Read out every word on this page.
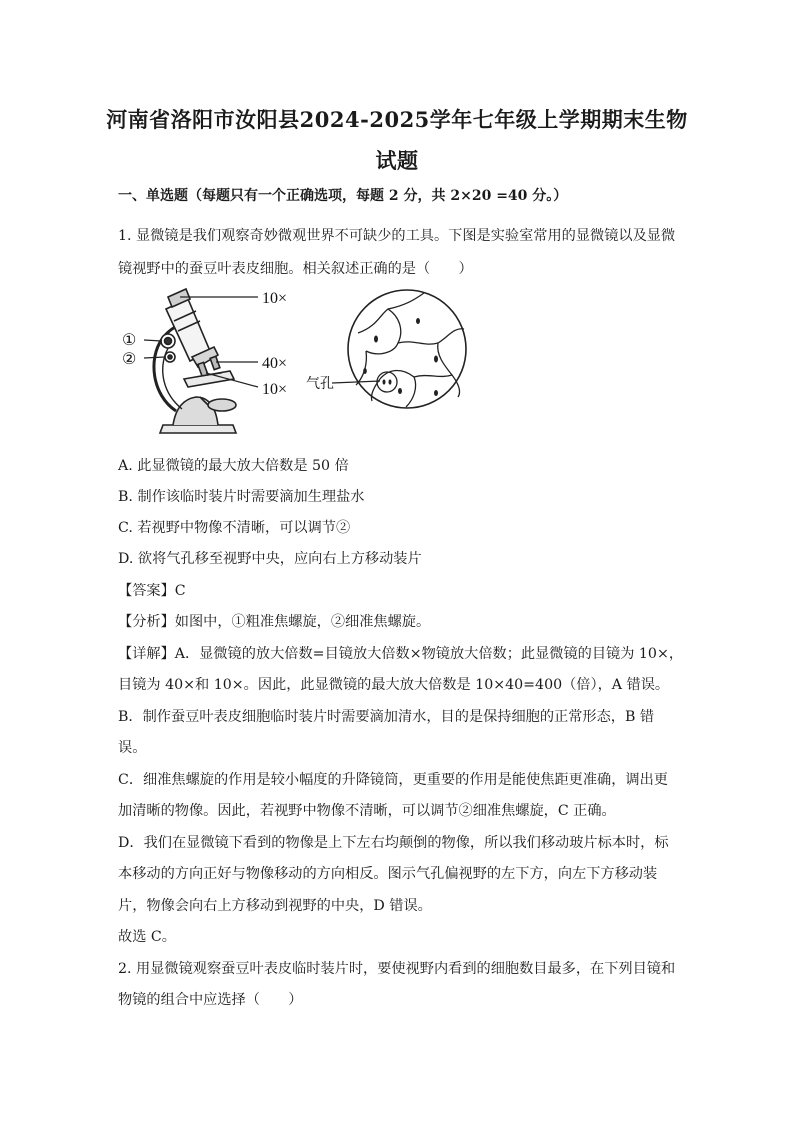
河南省洛阳市汝阳县2024-2025学年七年级上学期期末生物
试题
一、单选题（每题只有一个正确选项，每题 2 分，共 2×20 =40 分。）
1. 显微镜是我们观察奇妙微观世界不可缺少的工具。下图是实验室常用的显微镜以及显微
镜视野中的蚕豆叶表皮细胞。相关叙述正确的是（　　）
10×
40×
10×
①
②
气孔
A. 此显微镜的最大放大倍数是 50 倍
B. 制作该临时装片时需要滴加生理盐水
C. 若视野中物像不清晰，可以调节②
D. 欲将气孔移至视野中央，应向右上方移动装片
【答案】C
【分析】如图中，①粗准焦螺旋，②细准焦螺旋。
【详解】A．显微镜的放大倍数=目镜放大倍数×物镜放大倍数；此显微镜的目镜为 10×，
目镜为 40×和 10×。因此，此显微镜的最大放大倍数是 10×40=400（倍），A 错误。
B．制作蚕豆叶表皮细胞临时装片时需要滴加清水，目的是保持细胞的正常形态，B 错
误。
C．细准焦螺旋的作用是较小幅度的升降镜筒，更重要的作用是能使焦距更准确，调出更
加清晰的物像。因此，若视野中物像不清晰，可以调节②细准焦螺旋，C 正确。
D．我们在显微镜下看到的物像是上下左右均颠倒的物像，所以我们移动玻片标本时，标
本移动的方向正好与物像移动的方向相反。图示气孔偏视野的左下方，向左下方移动装
片，物像会向右上方移动到视野的中央，D 错误。
故选 C。
2. 用显微镜观察蚕豆叶表皮临时装片时，要使视野内看到的细胞数目最多，在下列目镜和
物镜的组合中应选择（　　）
